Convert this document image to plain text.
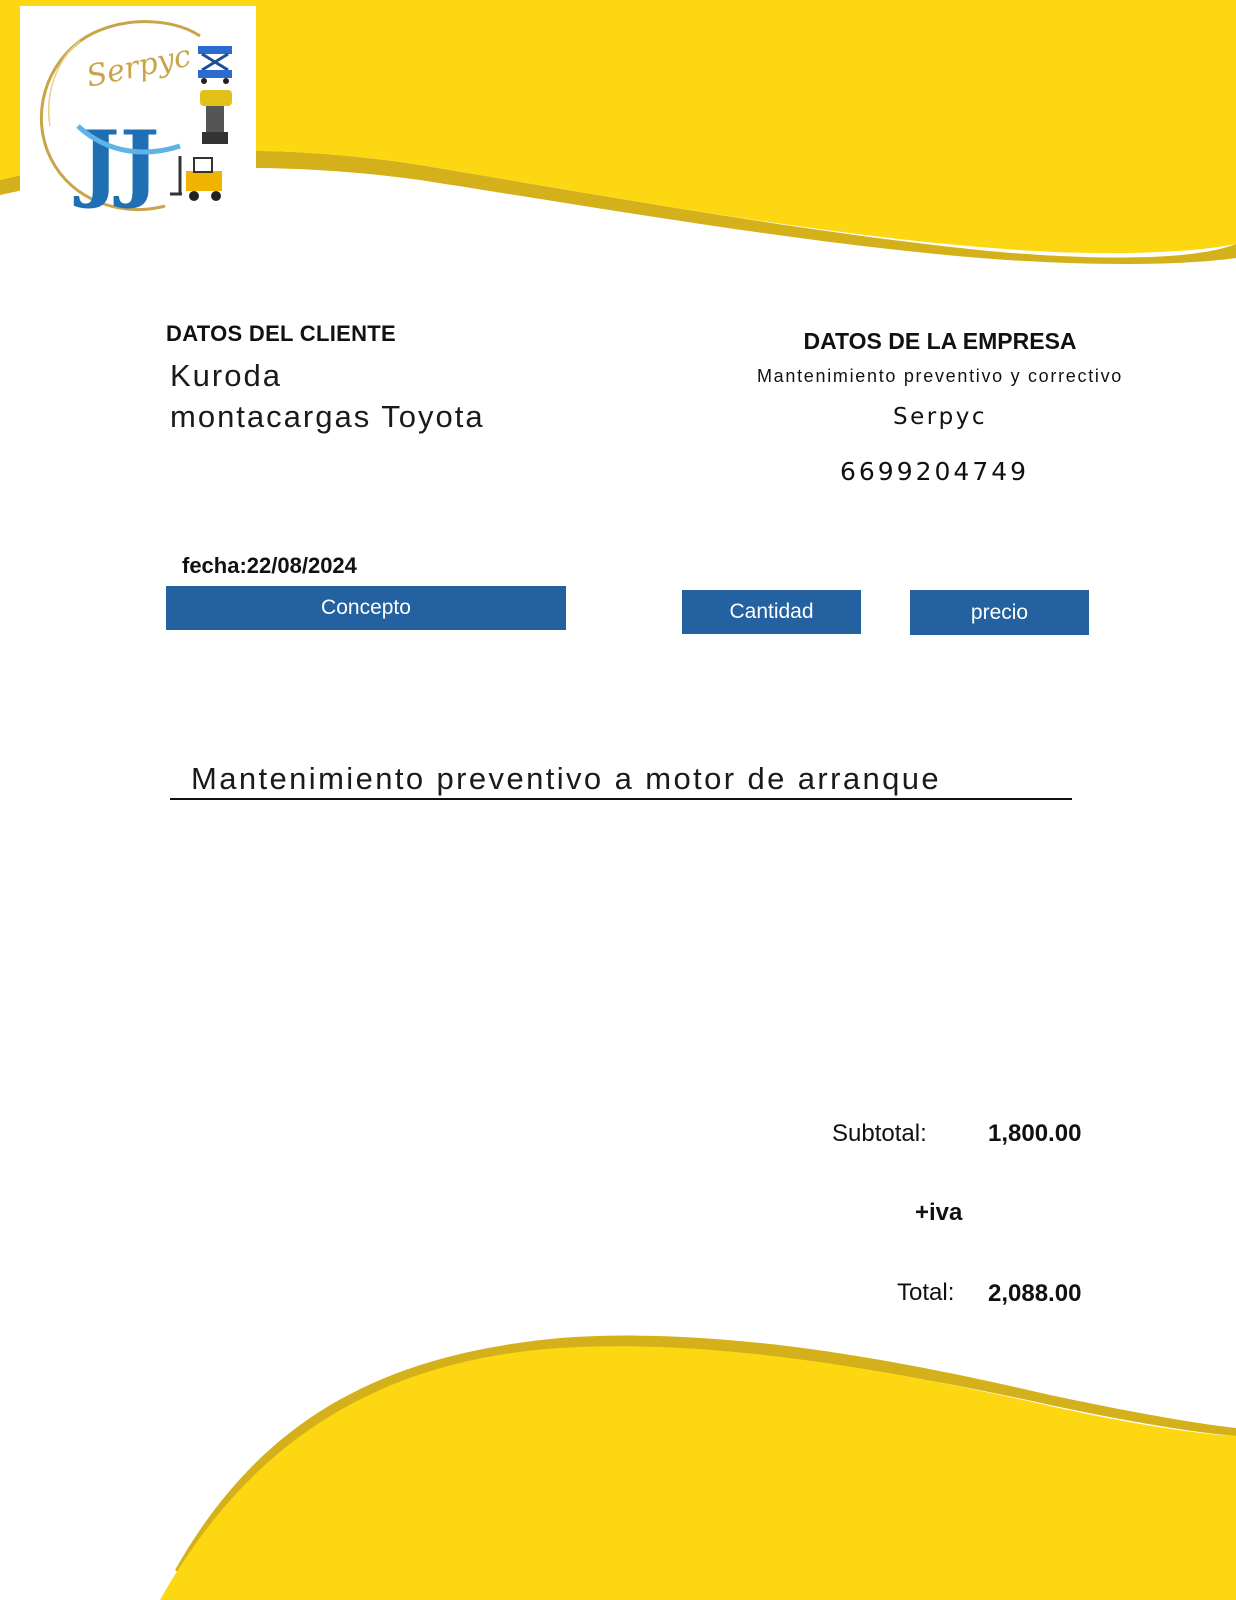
Serpyc
JJ
DATOS DEL CLIENTE
Kuroda
montacargas Toyota
DATOS DE LA EMPRESA
Mantenimiento preventivo y correctivo
Serpyc
6699204749
fecha:22/08/2024
Concepto	Cantidad	precio
Mantenimiento preventivo a motor de arranque
Subtotal:	1,800.00
+iva
Total: 2,088.00
